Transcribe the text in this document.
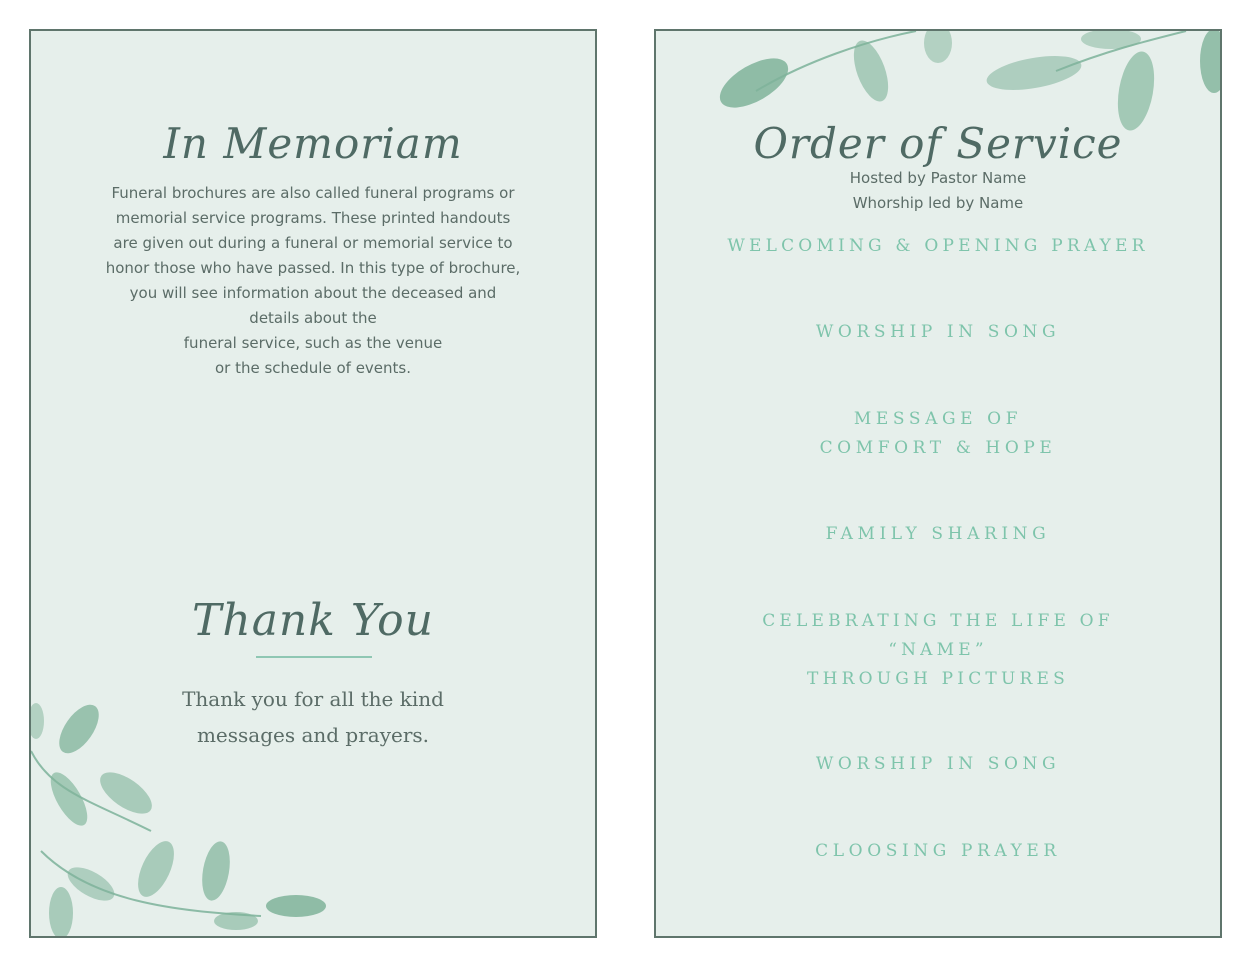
In Memoriam
Funeral brochures are also called funeral programs or
memorial service programs. These printed handouts
are given out during a funeral or memorial service to
honor those who have passed. In this type of brochure,
you will see information about the deceased and
details about the
funeral service, such as the venue
or the schedule of events.
Thank You
Thank you for all the kind
messages and prayers.
Order of Service
Hosted by Pastor Name
Whorship led by Name
WELCOMING & OPENING PRAYER
WORSHIP IN SONG
MESSAGE OF
COMFORT & HOPE
FAMILY SHARING
CELEBRATING THE LIFE OF
“NAME”
THROUGH PICTURES
WORSHIP IN SONG
CLOOSING PRAYER
